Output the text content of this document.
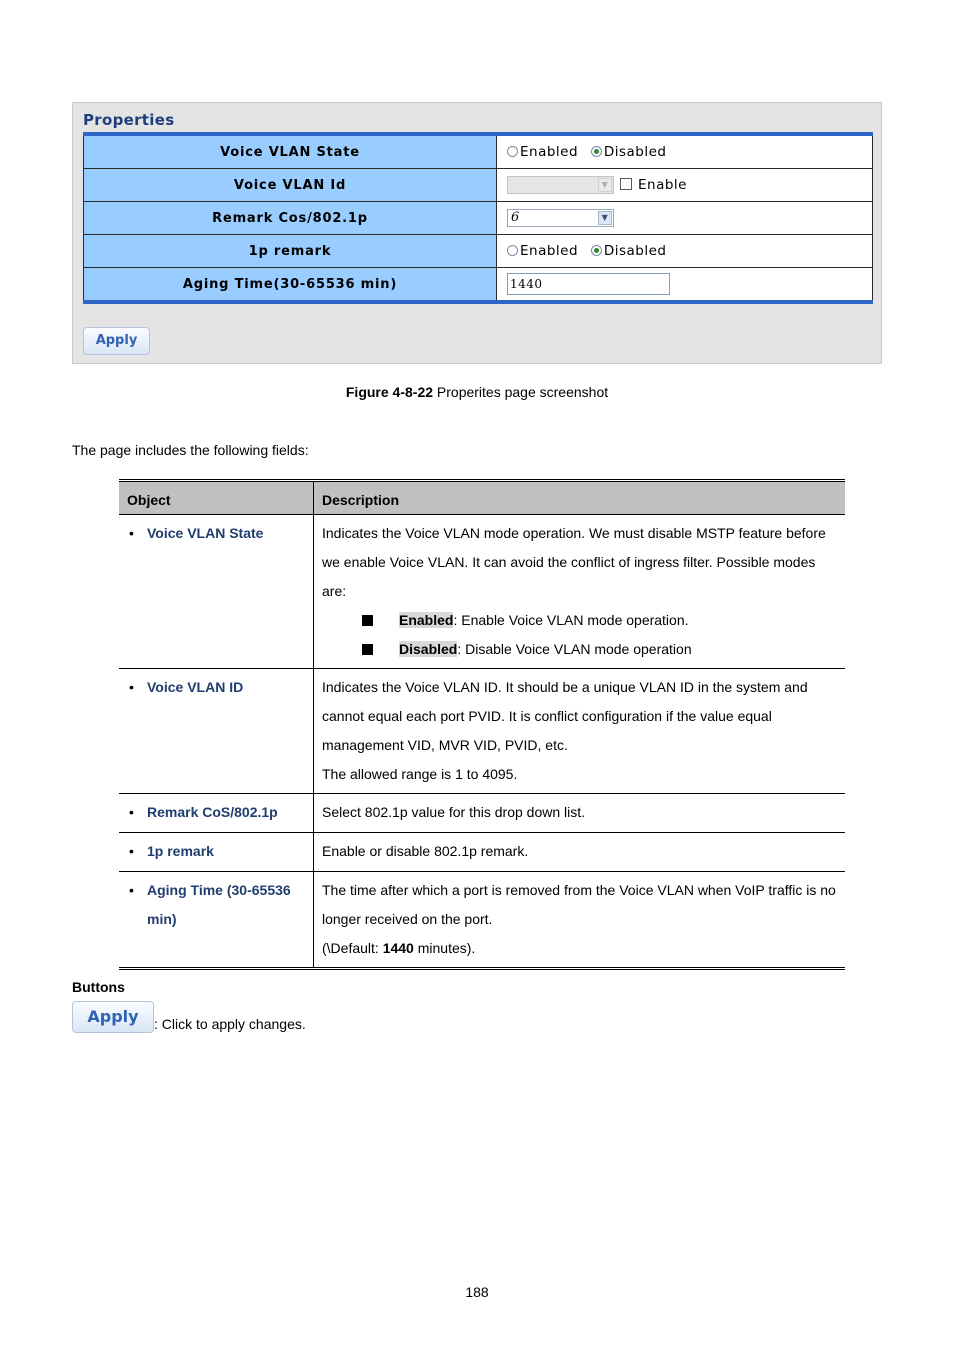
Properties
Voice VLAN State	Enabled Disabled
Voice VLAN Id	▼ Enable
Remark Cos/802.1p	6 ▼

1p remark	Enabled Disabled
Aging Time(30-65536 min)	1440
Apply
Figure 4-8-22 Properites page screenshot
The page includes the following fields:
Object	Description
• Voice VLAN State	Indicates the Voice VLAN mode operation. We must disable MSTP feature before we enable Voice VLAN. It can avoid the conflict of ingress filter. Possible modes are:
Enabled: Enable Voice VLAN mode operation.
Disabled: Disable Voice VLAN mode operation

• Voice VLAN ID	Indicates the Voice VLAN ID. It should be a unique VLAN ID in the system and cannot equal each port PVID. It is conflict configuration if the value equal management VID, MVR VID, PVID, etc.
The allowed range is 1 to 4095.

• Remark CoS/802.1p	Select 802.1p value for this drop down list.

• 1p remark	Enable or disable 802.1p remark.

• Aging Time (30-65536 min)	The time after which a port is removed from the Voice VLAN when VoIP traffic is no longer received on the port.
(\Default: 1440 minutes).
Buttons
Apply : Click to apply changes.
188
